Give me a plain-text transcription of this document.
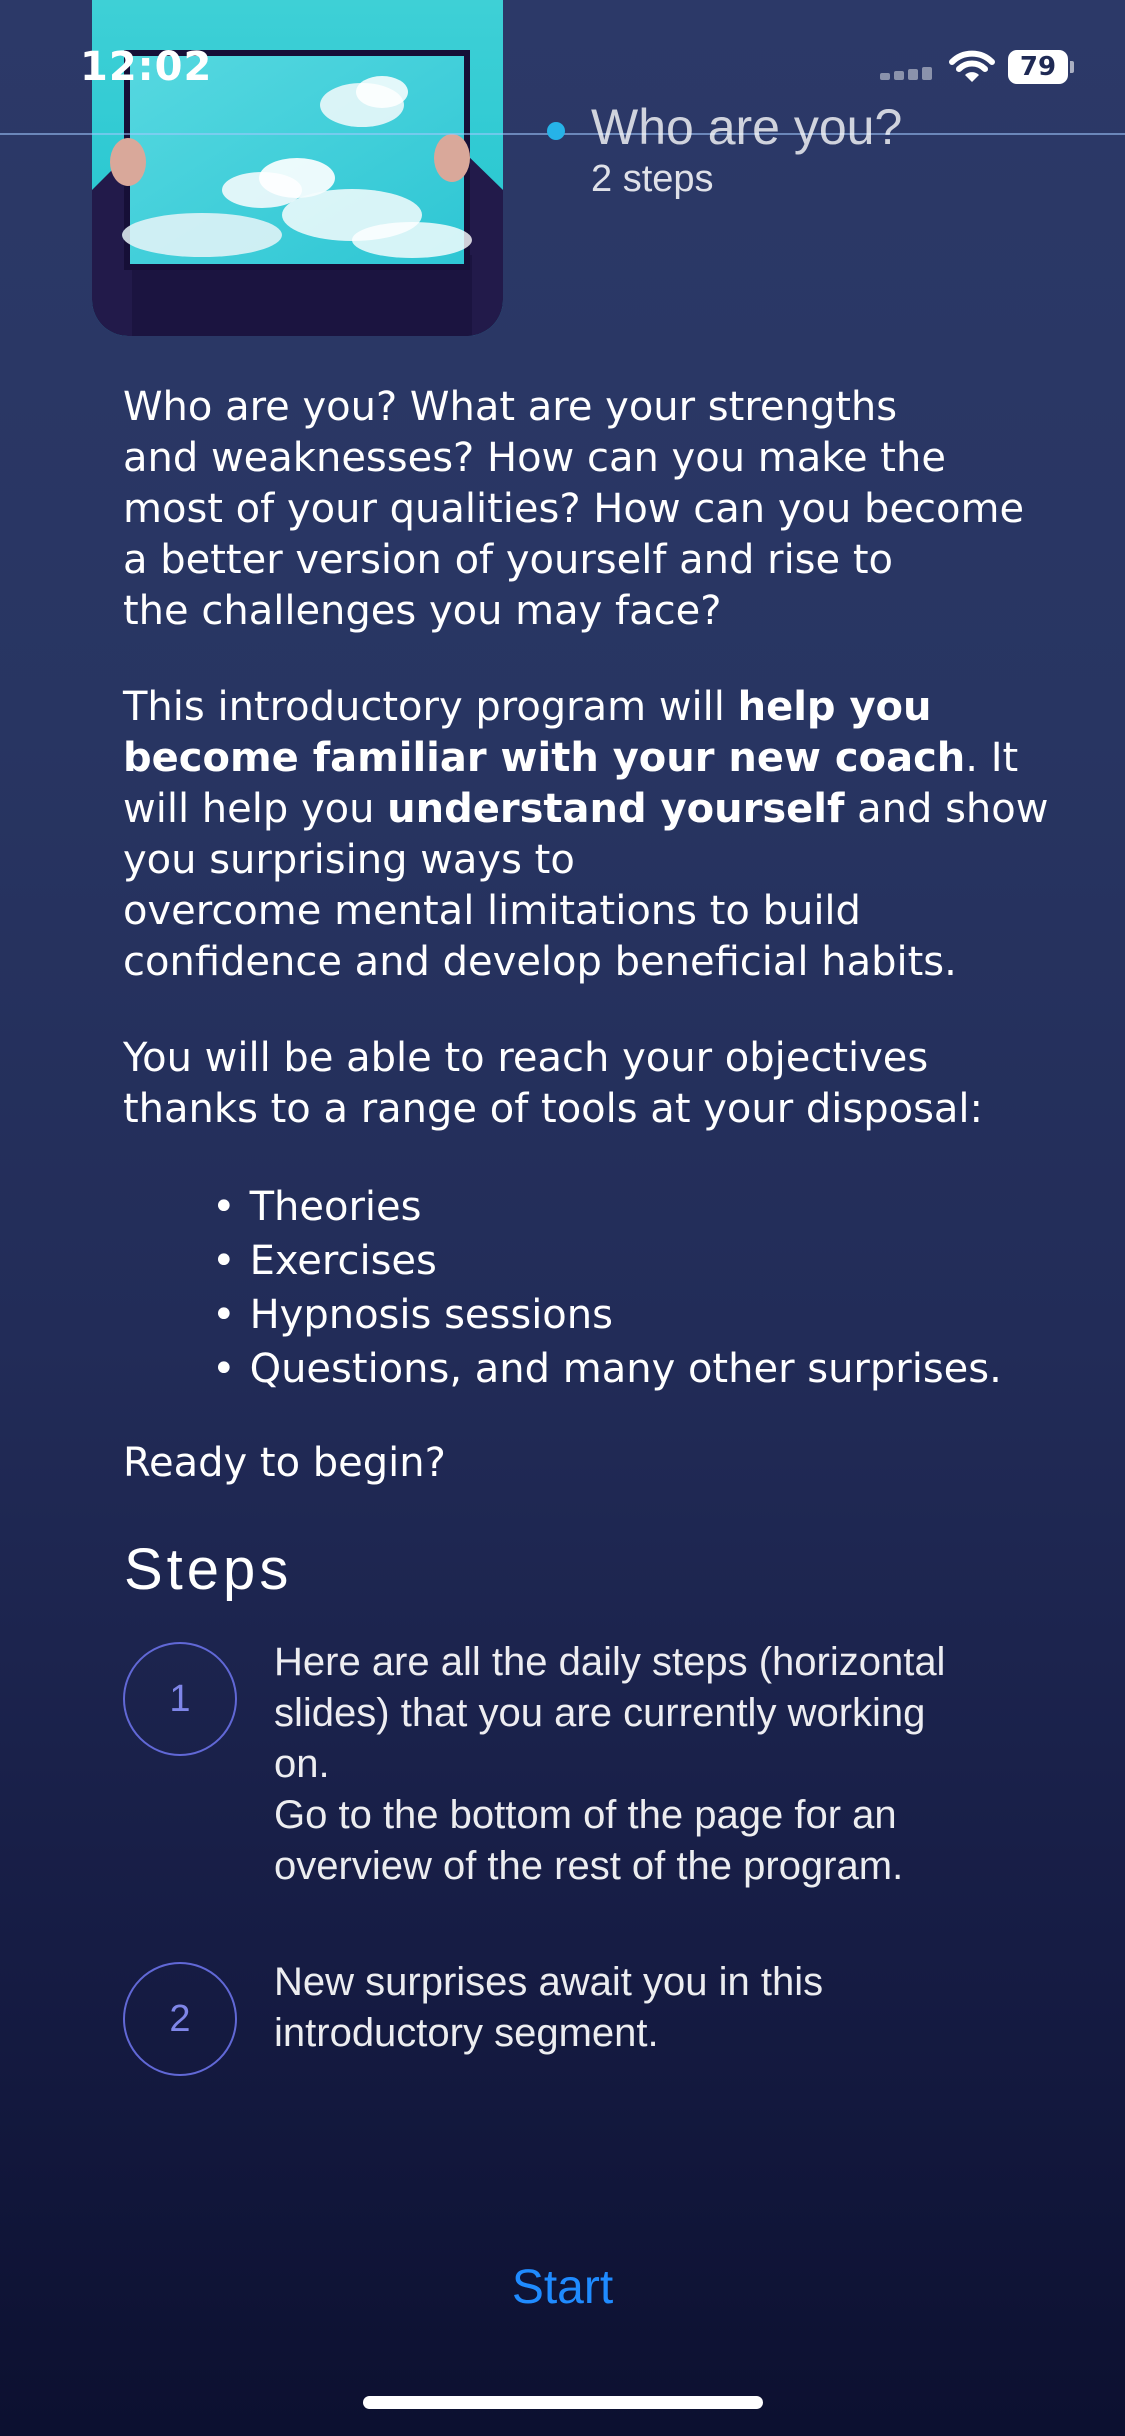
12:02	79
Who are you?
2 steps
Who are you? What are your strengths
and weaknesses? How can you make the
most of your qualities? How can you become
a better version of yourself and rise to
the challenges you may face?
This introductory program will help you
become familiar with your new coach. It
will help you understand yourself and show
you surprising ways to
overcome mental limitations to build
confidence and develop beneficial habits.
You will be able to reach your objectives
thanks to a range of tools at your disposal:
• Theories
• Exercises
• Hypnosis sessions
• Questions, and many other surprises.
Ready to begin?
Steps
1
Here are all the daily steps (horizontal
slides) that you are currently working
on.
Go to the bottom of the page for an
overview of the rest of the program.
2
New surprises await you in this
introductory segment.
Start
